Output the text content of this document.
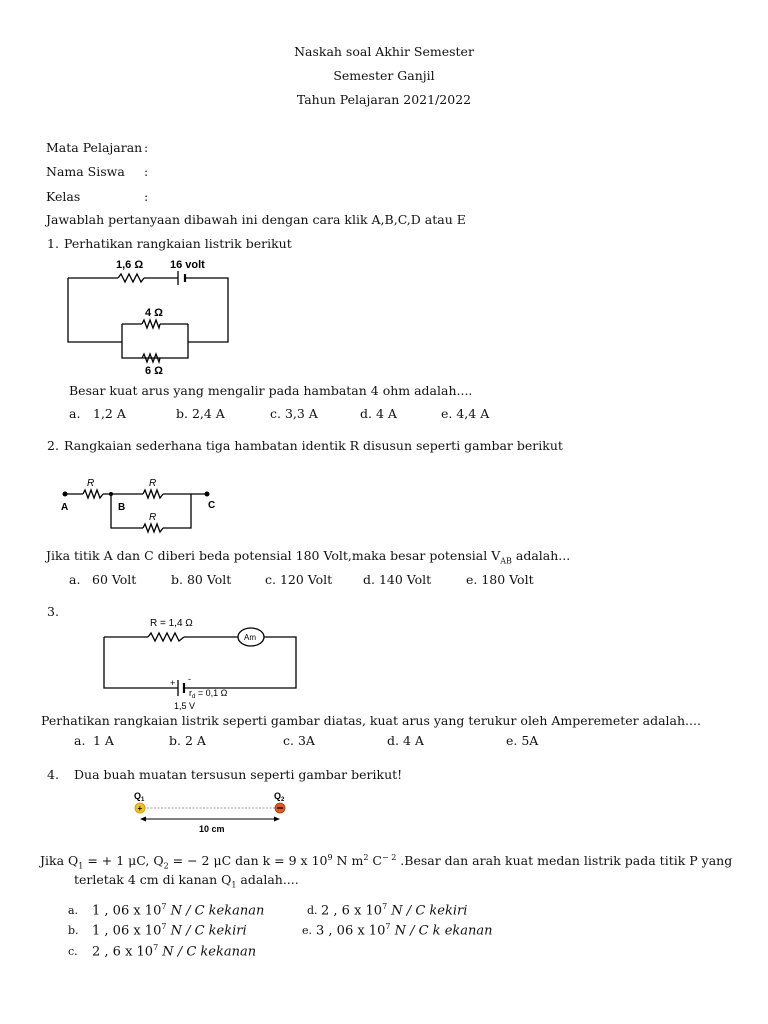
Naskah soal Akhir Semester
Semester Ganjil
Tahun Pelajaran 2021/2022
Mata Pelajaran :
Nama Siswa :
Kelas	:
Jawablah pertanyaan dibawah ini dengan cara klik A,B,C,D atau E
1. Perhatikan rangkaian listrik berikut
1,6 Ω 16 volt
4 Ω
6 Ω
Besar kuat arus yang mengalir pada hambatan 4 ohm adalah....
a. 1,2 A	b. 2,4 A	c. 3,3 A	d. 4 A	e. 4,4 A
2. Rangkaian sederhana tiga hambatan identik R disusun seperti gambar berikut
R	R
R
A	B	C
Jika titik A dan C diberi beda potensial 180 Volt,maka besar potensial $V_{AB}$ adalah...
a. 60 Volt	b. 80 Volt	c. 120 Volt d. 140 Volt	e. 180 Volt
3.
R = 1,4 Ω
Am
+ -
$r_d = 0,1$ Ω
1,5 V
Perhatikan rangkaian listrik seperti gambar diatas, kuat arus yang terukur oleh Amperemeter adalah....
a. 1 A	b. 2 A	c. 3A	d. 4 A	e. 5A
4. Dua buah muatan tersusun seperti gambar berikut!
+
$Q_1$	$Q_2$
10 cm
Jika $Q_1$ = + 1 μC, $Q_2$ = − 2 μC dan k = 9 x $10^9$ N $m^2$ $C^{- 2}$ .Besar dan arah kuat medan listrik pada titik P yang
terletak 4 cm di kanan $Q_1$ adalah....
a. 1 , 06 x $10^7$ N / C kekanan	d. 2 , 6 x $10^7$ N / C kekiri
b. 1 , 06 x $10^7$ N / C kekiri	e. 3 , 06 x $10^7$ N / C k ekanan
c. 2 , 6 x $10^7$ N / C kekanan
